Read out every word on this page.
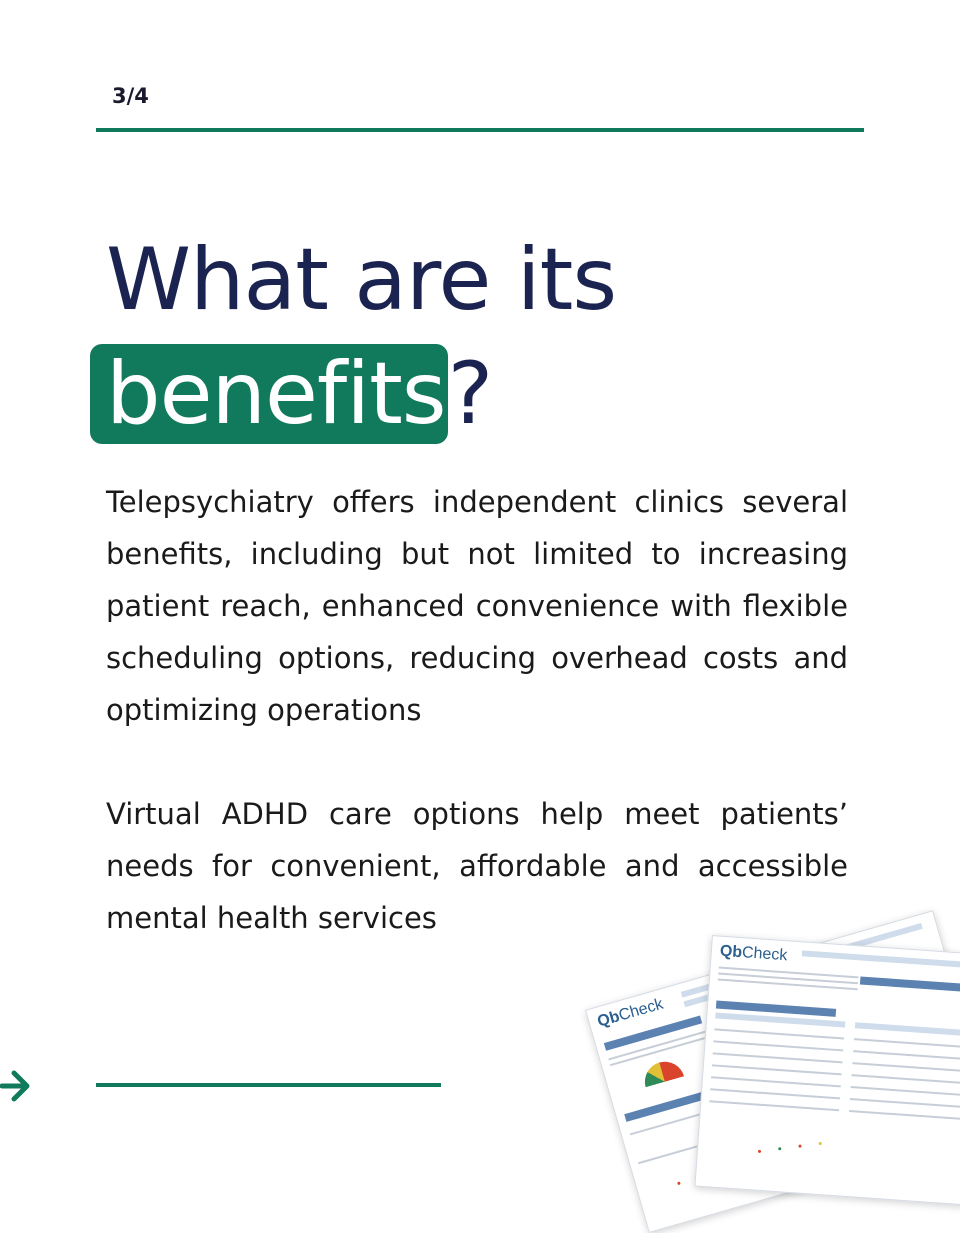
3/4
What are its
benefits?

Telepsychiatry offers independent clinics several benefits, including but not limited to increasing patient reach, enhanced convenience with flexible scheduling options, reducing overhead costs and optimizing operations

Virtual ADHD care options help meet patients’ needs for convenient, affordable and accessible mental health services

QbCheck
QbCheck
